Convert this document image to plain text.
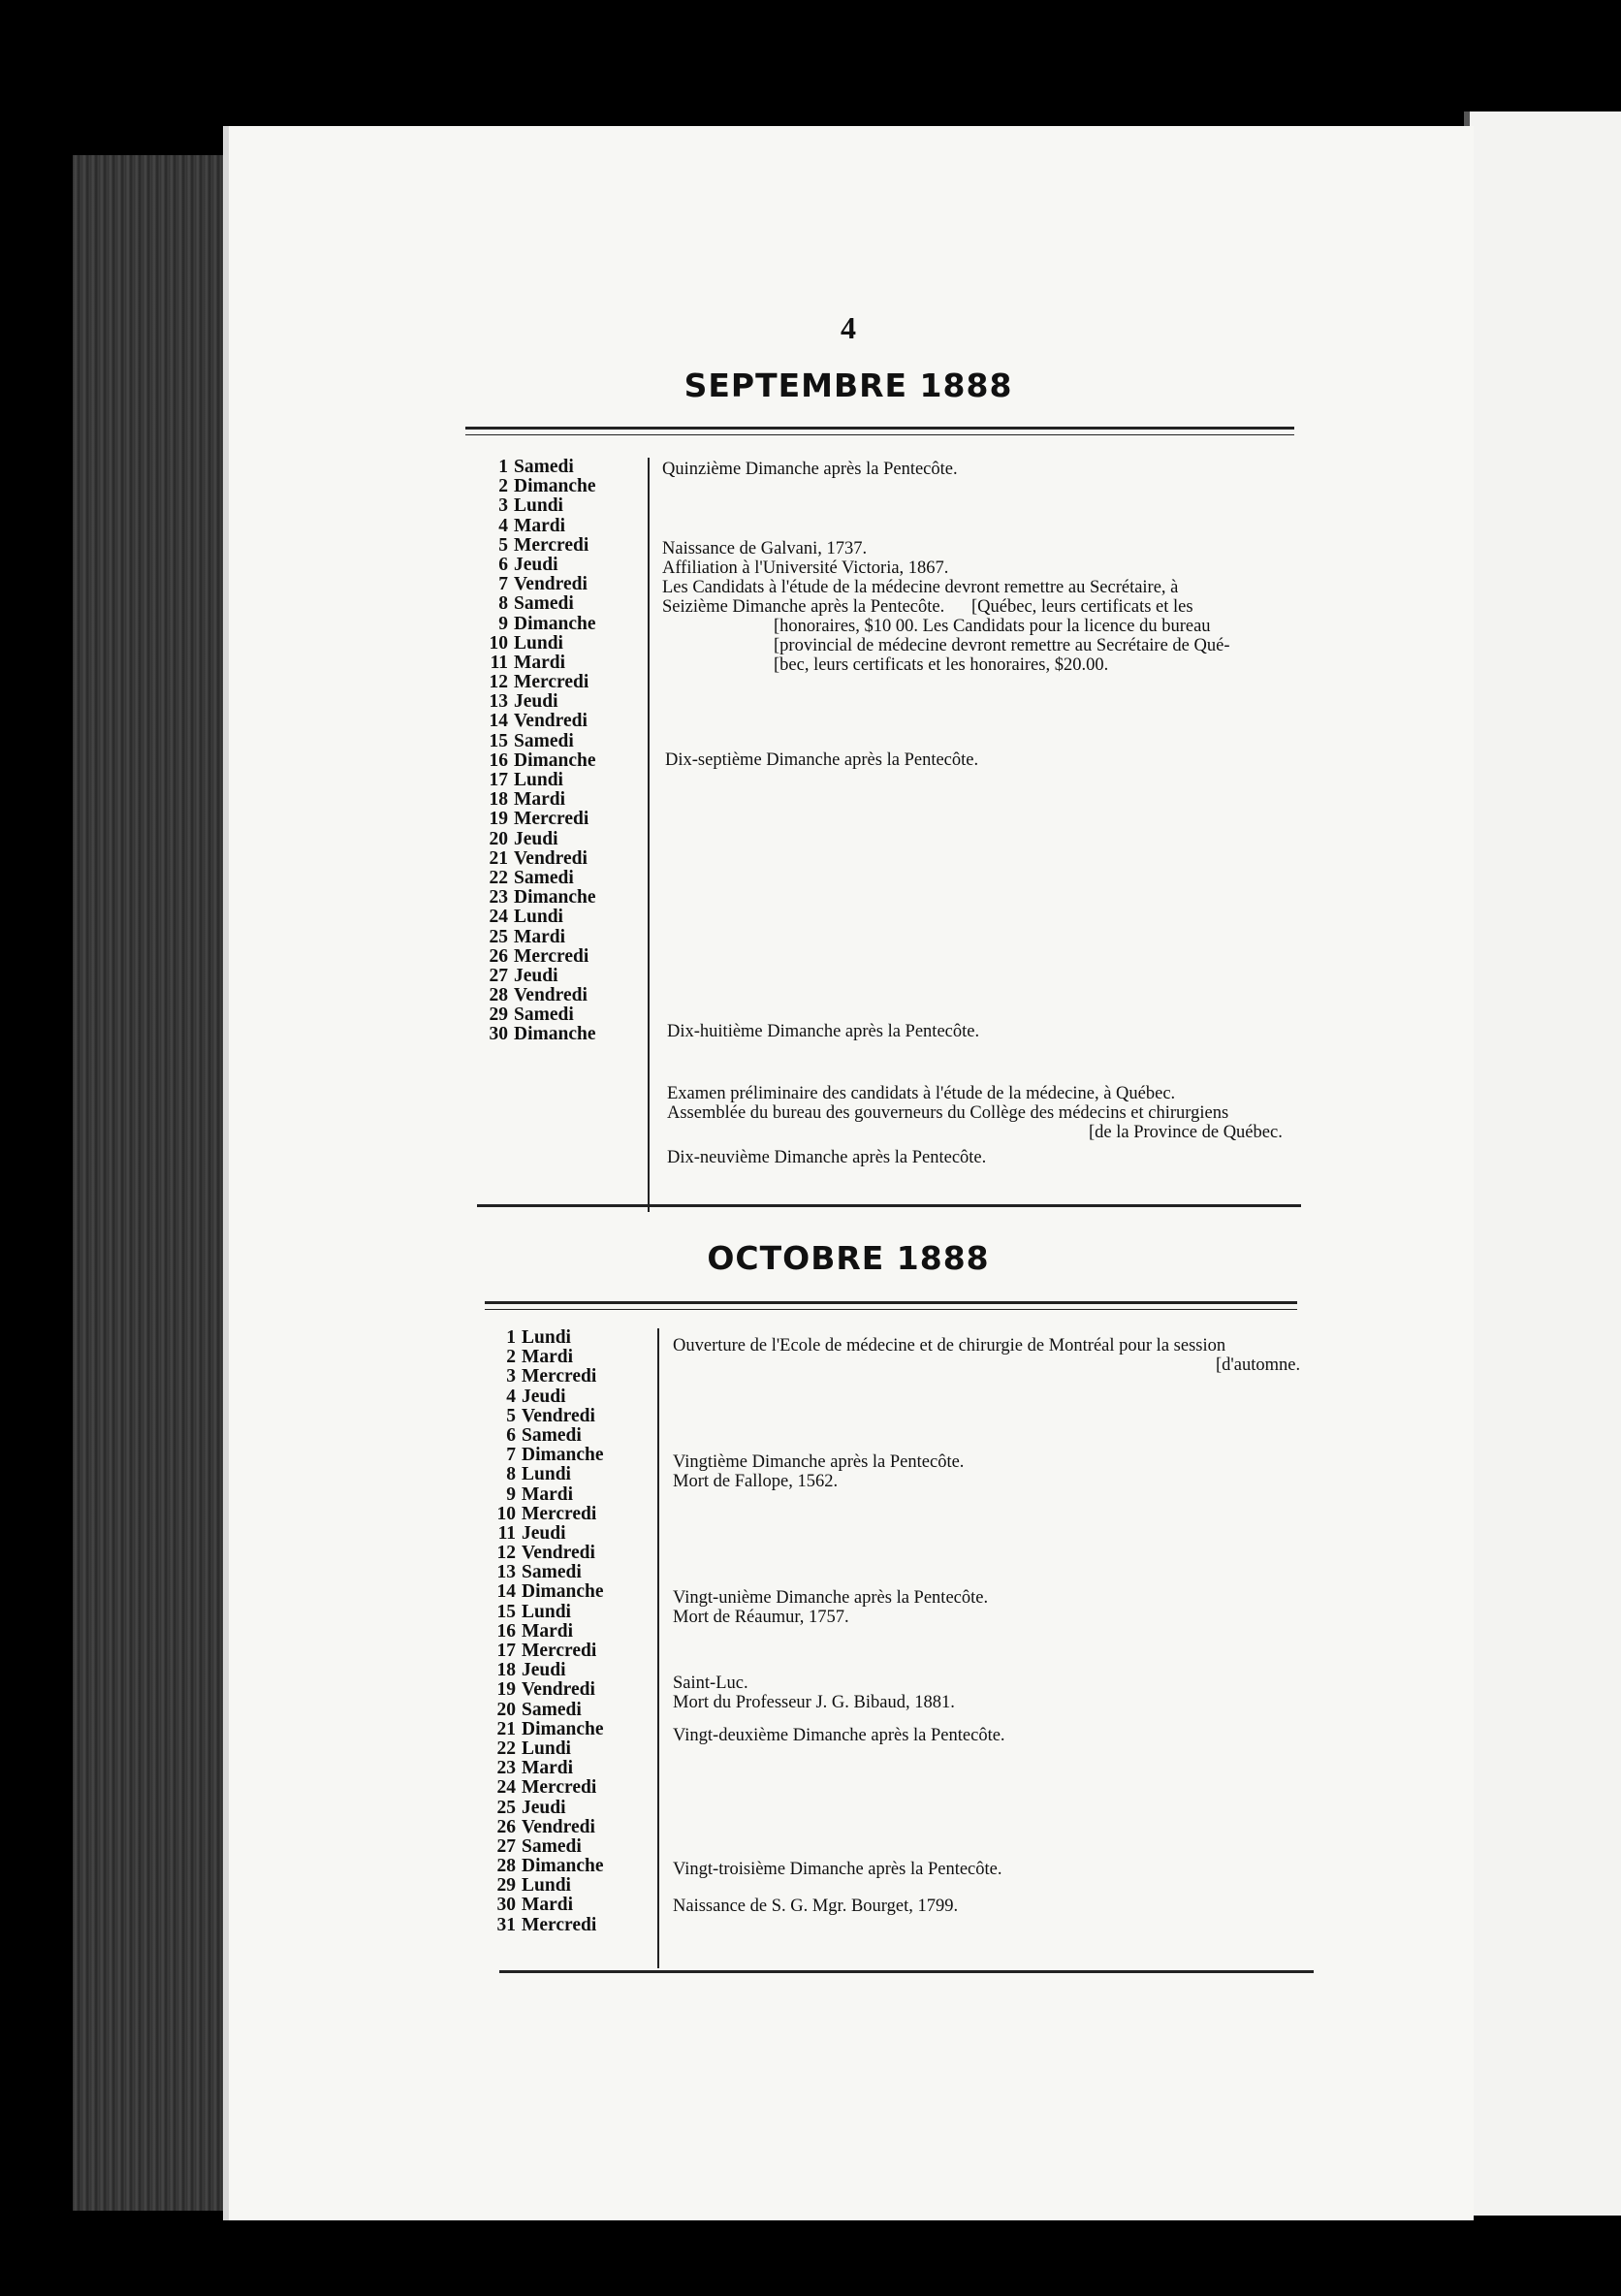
4
SEPTEMBRE 1888
1 Samedi
2 Dimanche
3 Lundi
4 Mardi
5 Mercredi
6 Jeudi
7 Vendredi
8 Samedi
9 Dimanche
10 Lundi
11 Mardi
12 Mercredi
13 Jeudi
14 Vendredi
15 Samedi
16 Dimanche
17 Lundi
18 Mardi
19 Mercredi
20 Jeudi
21 Vendredi
22 Samedi
23 Dimanche
24 Lundi
25 Mardi
26 Mercredi
27 Jeudi
28 Vendredi
29 Samedi
30 Dimanche
Quinzième Dimanche après la Pentecôte.
Naissance de Galvani, 1737.
Affiliation à l'Université Victoria, 1867.
Les Candidats à l'étude de la médecine devront remettre au Secrétaire, à
Seizième Dimanche après la Pentecôte.      [Québec, leurs certificats et les
[honoraires, $10 00. Les Candidats pour la licence du bureau
[provincial de médecine devront remettre au Secrétaire de Qué-
[bec, leurs certificats et les honoraires, $20.00.
Dix-septième Dimanche après la Pentecôte.
Dix-huitième Dimanche après la Pentecôte.
Examen préliminaire des candidats à l'étude de la médecine, à Québec.
Assemblée du bureau des gouverneurs du Collège des médecins et chirurgiens
[de la Province de Québec.
Dix-neuvième Dimanche après la Pentecôte.
OCTOBRE 1888
1 Lundi
2 Mardi
3 Mercredi
4 Jeudi
5 Vendredi
6 Samedi
7 Dimanche
8 Lundi
9 Mardi
10 Mercredi
11 Jeudi
12 Vendredi
13 Samedi
14 Dimanche
15 Lundi
16 Mardi
17 Mercredi
18 Jeudi
19 Vendredi
20 Samedi
21 Dimanche
22 Lundi
23 Mardi
24 Mercredi
25 Jeudi
26 Vendredi
27 Samedi
28 Dimanche
29 Lundi
30 Mardi
31 Mercredi
Ouverture de l'Ecole de médecine et de chirurgie de Montréal pour la session
[d'automne.
Vingtième Dimanche après la Pentecôte.
Mort de Fallope, 1562.
Vingt-unième Dimanche après la Pentecôte.
Mort de Réaumur, 1757.
Saint-Luc.
Mort du Professeur J. G. Bibaud, 1881.
Vingt-deuxième Dimanche après la Pentecôte.
Vingt-troisième Dimanche après la Pentecôte.
Naissance de S. G. Mgr. Bourget, 1799.
